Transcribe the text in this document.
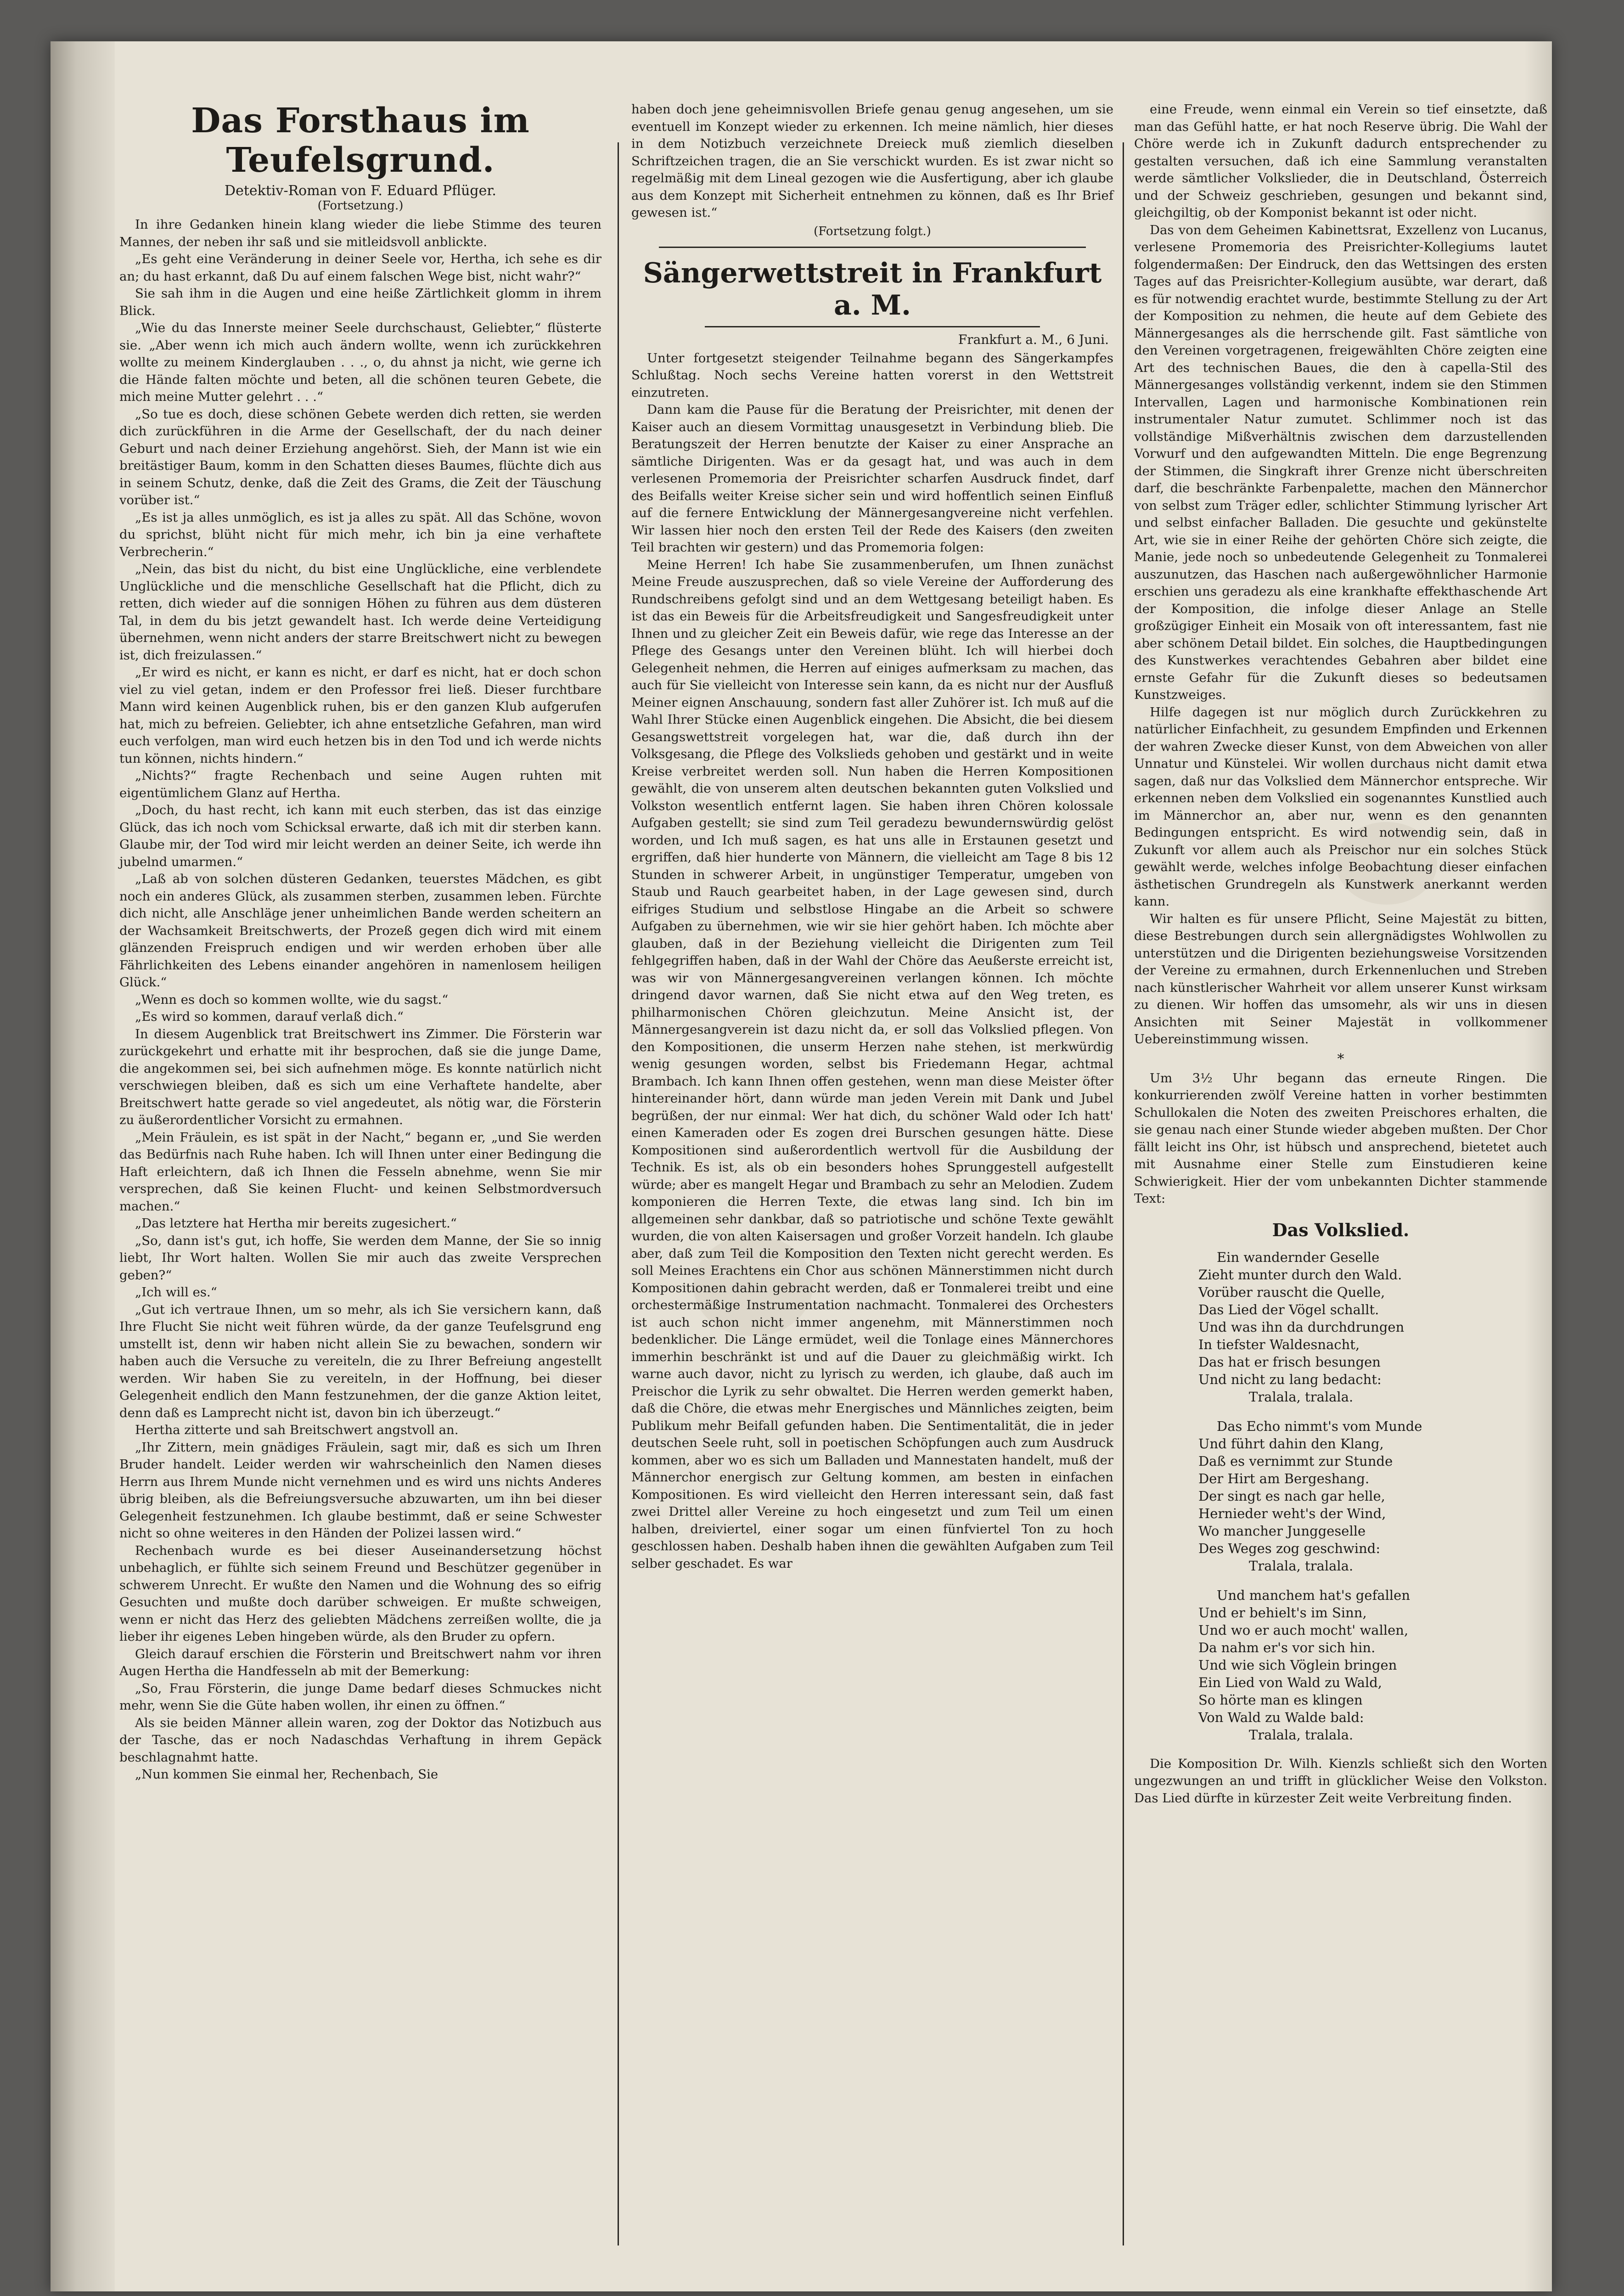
Das Forsthaus im Teufelsgrund.
Detektiv-Roman von F. Eduard Pflüger.
(Fortsetzung.)

In ihre Gedanken hinein klang wieder die liebe Stimme des teuren Mannes, der neben ihr saß und sie mitleidsvoll anblickte.

„Es geht eine Veränderung in deiner Seele vor, Hertha, ich sehe es dir an; du hast erkannt, daß Du auf einem falschen Wege bist, nicht wahr?“

Sie sah ihm in die Augen und eine heiße Zärtlichkeit glomm in ihrem Blick.

„Wie du das Innerste meiner Seele durchschaust, Geliebter,“ flüsterte sie. „Aber wenn ich mich auch ändern wollte, wenn ich zurückkehren wollte zu meinem Kinderglauben . . ., o, du ahnst ja nicht, wie gerne ich die Hände falten möchte und beten, all die schönen teuren Gebete, die mich meine Mutter gelehrt . . .“

„So tue es doch, diese schönen Gebete werden dich retten, sie werden dich zurückführen in die Arme der Gesellschaft, der du nach deiner Geburt und nach deiner Erziehung angehörst. Sieh, der Mann ist wie ein breitästiger Baum, komm in den Schatten dieses Baumes, flüchte dich aus in seinem Schutz, denke, daß die Zeit des Grams, die Zeit der Täuschung vorüber ist.“

„Es ist ja alles unmöglich, es ist ja alles zu spät. All das Schöne, wovon du sprichst, blüht nicht für mich mehr, ich bin ja eine verhaftete Verbrecherin.“

„Nein, das bist du nicht, du bist eine Unglückliche, eine verblendete Unglückliche und die menschliche Gesellschaft hat die Pflicht, dich zu retten, dich wieder auf die sonnigen Höhen zu führen aus dem düsteren Tal, in dem du bis jetzt gewandelt hast. Ich werde deine Verteidigung übernehmen, wenn nicht anders der starre Breitschwert nicht zu bewegen ist, dich freizulassen.“

„Er wird es nicht, er kann es nicht, er darf es nicht, hat er doch schon viel zu viel getan, indem er den Professor frei ließ. Dieser furchtbare Mann wird keinen Augenblick ruhen, bis er den ganzen Klub aufgerufen hat, mich zu befreien. Geliebter, ich ahne entsetzliche Gefahren, man wird euch verfolgen, man wird euch hetzen bis in den Tod und ich werde nichts tun können, nichts hindern.“

„Nichts?“ fragte Rechenbach und seine Augen ruhten mit eigentümlichem Glanz auf Hertha.

„Doch, du hast recht, ich kann mit euch sterben, das ist das einzige Glück, das ich noch vom Schicksal erwarte, daß ich mit dir sterben kann. Glaube mir, der Tod wird mir leicht werden an deiner Seite, ich werde ihn jubelnd umarmen.“

„Laß ab von solchen düsteren Gedanken, teuerstes Mädchen, es gibt noch ein anderes Glück, als zusammen sterben, zusammen leben. Fürchte dich nicht, alle Anschläge jener unheimlichen Bande werden scheitern an der Wachsamkeit Breitschwerts, der Prozeß gegen dich wird mit einem glänzenden Freispruch endigen und wir werden erhoben über alle Fährlichkeiten des Lebens einander angehören in namenlosem heiligen Glück.“

„Wenn es doch so kommen wollte, wie du sagst.“

„Es wird so kommen, darauf verlaß dich.“

In diesem Augenblick trat Breitschwert ins Zimmer. Die Försterin war zurückgekehrt und erhatte mit ihr besprochen, daß sie die junge Dame, die angekommen sei, bei sich aufnehmen möge. Es konnte natürlich nicht verschwiegen bleiben, daß es sich um eine Verhaftete handelte, aber Breitschwert hatte gerade so viel angedeutet, als nötig war, die Försterin zu äußerordentlicher Vorsicht zu ermahnen.

„Mein Fräulein, es ist spät in der Nacht,“ begann er, „und Sie werden das Bedürfnis nach Ruhe haben. Ich will Ihnen unter einer Bedingung die Haft erleichtern, daß ich Ihnen die Fesseln abnehme, wenn Sie mir versprechen, daß Sie keinen Flucht- und keinen Selbstmordversuch machen.“

„Das letztere hat Hertha mir bereits zugesichert.“

„So, dann ist's gut, ich hoffe, Sie werden dem Manne, der Sie so innig liebt, Ihr Wort halten. Wollen Sie mir auch das zweite Versprechen geben?“

„Ich will es.“

„Gut ich vertraue Ihnen, um so mehr, als ich Sie versichern kann, daß Ihre Flucht Sie nicht weit führen würde, da der ganze Teufelsgrund eng umstellt ist, denn wir haben nicht allein Sie zu bewachen, sondern wir haben auch die Versuche zu vereiteln, die zu Ihrer Befreiung angestellt werden. Wir haben Sie zu vereiteln, in der Hoffnung, bei dieser Gelegenheit endlich den Mann festzunehmen, der die ganze Aktion leitet, denn daß es Lamprecht nicht ist, davon bin ich überzeugt.“

Hertha zitterte und sah Breitschwert angstvoll an.

„Ihr Zittern, mein gnädiges Fräulein, sagt mir, daß es sich um Ihren Bruder handelt. Leider werden wir wahrscheinlich den Namen dieses Herrn aus Ihrem Munde nicht vernehmen und es wird uns nichts Anderes übrig bleiben, als die Befreiungsversuche abzuwarten, um ihn bei dieser Gelegenheit festzunehmen. Ich glaube bestimmt, daß er seine Schwester nicht so ohne weiteres in den Händen der Polizei lassen wird.“

Rechenbach wurde es bei dieser Auseinandersetzung höchst unbehaglich, er fühlte sich seinem Freund und Beschützer gegenüber in schwerem Unrecht. Er wußte den Namen und die Wohnung des so eifrig Gesuchten und mußte doch darüber schweigen. Er mußte schweigen, wenn er nicht das Herz des geliebten Mädchens zerreißen wollte, die ja lieber ihr eigenes Leben hingeben würde, als den Bruder zu opfern.

Gleich darauf erschien die Försterin und Breitschwert nahm vor ihren Augen Hertha die Handfesseln ab mit der Bemerkung:

„So, Frau Försterin, die junge Dame bedarf dieses Schmuckes nicht mehr, wenn Sie die Güte haben wollen, ihr einen zu öffnen.“

Als sie beiden Männer allein waren, zog der Doktor das Notizbuch aus der Tasche, das er noch Nadaschdas Verhaftung in ihrem Gepäck beschlagnahmt hatte.

„Nun kommen Sie einmal her, Rechenbach, Sie

haben doch jene geheimnisvollen Briefe genau genug angesehen, um sie eventuell im Konzept wieder zu erkennen. Ich meine nämlich, hier dieses in dem Notizbuch verzeichnete Dreieck muß ziemlich dieselben Schriftzeichen tragen, die an Sie verschickt wurden. Es ist zwar nicht so regelmäßig mit dem Lineal gezogen wie die Ausfertigung, aber ich glaube aus dem Konzept mit Sicherheit entnehmen zu können, daß es Ihr Brief gewesen ist.“

(Fortsetzung folgt.)
Sängerwettstreit in Frankfurt a. M.
Frankfurt a. M., 6 Juni.

Unter fortgesetzt steigender Teilnahme begann des Sängerkampfes Schlußtag. Noch sechs Vereine hatten vorerst in den Wettstreit einzutreten.

Dann kam die Pause für die Beratung der Preisrichter, mit denen der Kaiser auch an diesem Vormittag unausgesetzt in Verbindung blieb. Die Beratungszeit der Herren benutzte der Kaiser zu einer Ansprache an sämtliche Dirigenten. Was er da gesagt hat, und was auch in dem verlesenen Promemoria der Preisrichter scharfen Ausdruck findet, darf des Beifalls weiter Kreise sicher sein und wird hoffentlich seinen Einfluß auf die fernere Entwicklung der Männergesangvereine nicht verfehlen. Wir lassen hier noch den ersten Teil der Rede des Kaisers (den zweiten Teil brachten wir gestern) und das Promemoria folgen:

Meine Herren! Ich habe Sie zusammenberufen, um Ihnen zunächst Meine Freude auszusprechen, daß so viele Vereine der Aufforderung des Rundschreibens gefolgt sind und an dem Wettgesang beteiligt haben. Es ist das ein Beweis für die Arbeitsfreudigkeit und Sangesfreudigkeit unter Ihnen und zu gleicher Zeit ein Beweis dafür, wie rege das Interesse an der Pflege des Gesangs unter den Vereinen blüht. Ich will hierbei doch Gelegenheit nehmen, die Herren auf einiges aufmerksam zu machen, das auch für Sie vielleicht von Interesse sein kann, da es nicht nur der Ausfluß Meiner eignen Anschauung, sondern fast aller Zuhörer ist. Ich muß auf die Wahl Ihrer Stücke einen Augenblick eingehen. Die Absicht, die bei diesem Gesangswettstreit vorgelegen hat, war die, daß durch ihn der Volksgesang, die Pflege des Volkslieds gehoben und gestärkt und in weite Kreise verbreitet werden soll. Nun haben die Herren Kompositionen gewählt, die von unserem alten deutschen bekannten guten Volkslied und Volkston wesentlich entfernt lagen. Sie haben ihren Chören kolossale Aufgaben gestellt; sie sind zum Teil geradezu bewundernswürdig gelöst worden, und Ich muß sagen, es hat uns alle in Erstaunen gesetzt und ergriffen, daß hier hunderte von Männern, die vielleicht am Tage 8 bis 12 Stunden in schwerer Arbeit, in ungünstiger Temperatur, umgeben von Staub und Rauch gearbeitet haben, in der Lage gewesen sind, durch eifriges Studium und selbstlose Hingabe an die Arbeit so schwere Aufgaben zu übernehmen, wie wir sie hier gehört haben. Ich möchte aber glauben, daß in der Beziehung vielleicht die Dirigenten zum Teil fehlgegriffen haben, daß in der Wahl der Chöre das Aeußerste erreicht ist, was wir von Männergesangvereinen verlangen können. Ich möchte dringend davor warnen, daß Sie nicht etwa auf den Weg treten, es philharmonischen Chören gleichzutun. Meine Ansicht ist, der Männergesangverein ist dazu nicht da, er soll das Volkslied pflegen. Von den Kompositionen, die unserm Herzen nahe stehen, ist merkwürdig wenig gesungen worden, selbst bis Friedemann Hegar, achtmal Brambach. Ich kann Ihnen offen gestehen, wenn man diese Meister öfter hintereinander hört, dann würde man jeden Verein mit Dank und Jubel begrüßen, der nur einmal: Wer hat dich, du schöner Wald oder Ich hatt' einen Kameraden oder Es zogen drei Burschen gesungen hätte. Diese Kompositionen sind außerordentlich wertvoll für die Ausbildung der Technik. Es ist, als ob ein besonders hohes Sprunggestell aufgestellt würde; aber es mangelt Hegar und Brambach zu sehr an Melodien. Zudem komponieren die Herren Texte, die etwas lang sind. Ich bin im allgemeinen sehr dankbar, daß so patriotische und schöne Texte gewählt wurden, die von alten Kaisersagen und großer Vorzeit handeln. Ich glaube aber, daß zum Teil die Komposition den Texten nicht gerecht werden. Es soll Meines Erachtens ein Chor aus schönen Männerstimmen nicht durch Kompositionen dahin gebracht werden, daß er Tonmalerei treibt und eine orchestermäßige Instrumentation nachmacht. Tonmalerei des Orchesters ist auch schon nicht immer angenehm, mit Männerstimmen noch bedenklicher. Die Länge ermüdet, weil die Tonlage eines Männerchores immerhin beschränkt ist und auf die Dauer zu gleichmäßig wirkt. Ich warne auch davor, nicht zu lyrisch zu werden, ich glaube, daß auch im Preischor die Lyrik zu sehr obwaltet. Die Herren werden gemerkt haben, daß die Chöre, die etwas mehr Energisches und Männliches zeigten, beim Publikum mehr Beifall gefunden haben. Die Sentimentalität, die in jeder deutschen Seele ruht, soll in poetischen Schöpfungen auch zum Ausdruck kommen, aber wo es sich um Balladen und Mannestaten handelt, muß der Männerchor energisch zur Geltung kommen, am besten in einfachen Kompositionen. Es wird vielleicht den Herren interessant sein, daß fast zwei Drittel aller Vereine zu hoch eingesetzt und zum Teil um einen halben, dreiviertel, einer sogar um einen fünfviertel Ton zu hoch geschlossen haben. Deshalb haben ihnen die gewählten Aufgaben zum Teil selber geschadet. Es war

eine Freude, wenn einmal ein Verein so tief einsetzte, daß man das Gefühl hatte, er hat noch Reserve übrig. Die Wahl der Chöre werde ich in Zukunft dadurch entsprechender zu gestalten versuchen, daß ich eine Sammlung veranstalten werde sämtlicher Volkslieder, die in Deutschland, Österreich und der Schweiz geschrieben, gesungen und bekannt sind, gleichgiltig, ob der Komponist bekannt ist oder nicht.

Das von dem Geheimen Kabinettsrat, Exzellenz von Lucanus, verlesene Promemoria des Preisrichter-Kollegiums lautet folgendermaßen: Der Eindruck, den das Wettsingen des ersten Tages auf das Preisrichter-Kollegium ausübte, war derart, daß es für notwendig erachtet wurde, bestimmte Stellung zu der Art der Komposition zu nehmen, die heute auf dem Gebiete des Männergesanges als die herrschende gilt. Fast sämtliche von den Vereinen vorgetragenen, freigewählten Chöre zeigten eine Art des technischen Baues, die den à capella-Stil des Männergesanges vollständig verkennt, indem sie den Stimmen Intervallen, Lagen und harmonische Kombinationen rein instrumentaler Natur zumutet. Schlimmer noch ist das vollständige Mißverhältnis zwischen dem darzustellenden Vorwurf und den aufgewandten Mitteln. Die enge Begrenzung der Stimmen, die Singkraft ihrer Grenze nicht überschreiten darf, die beschränkte Farbenpalette, machen den Männerchor von selbst zum Träger edler, schlichter Stimmung lyrischer Art und selbst einfacher Balladen. Die gesuchte und gekünstelte Art, wie sie in einer Reihe der gehörten Chöre sich zeigte, die Manie, jede noch so unbedeutende Gelegenheit zu Tonmalerei auszunutzen, das Haschen nach außergewöhnlicher Harmonie erschien uns geradezu als eine krankhafte effekthaschende Art der Komposition, die infolge dieser Anlage an Stelle großzügiger Einheit ein Mosaik von oft interessantem, fast nie aber schönem Detail bildet. Ein solches, die Hauptbedingungen des Kunstwerkes verachtendes Gebahren aber bildet eine ernste Gefahr für die Zukunft dieses so bedeutsamen Kunstzweiges.

Hilfe dagegen ist nur möglich durch Zurückkehren zu natürlicher Einfachheit, zu gesundem Empfinden und Erkennen der wahren Zwecke dieser Kunst, von dem Abweichen von aller Unnatur und Künstelei. Wir wollen durchaus nicht damit etwa sagen, daß nur das Volkslied dem Männerchor entspreche. Wir erkennen neben dem Volkslied ein sogenanntes Kunstlied auch im Männerchor an, aber nur, wenn es den genannten Bedingungen entspricht. Es wird notwendig sein, daß in Zukunft vor allem auch als Preischor nur ein solches Stück gewählt werde, welches infolge Beobachtung dieser einfachen ästhetischen Grundregeln als Kunstwerk anerkannt werden kann.

Wir halten es für unsere Pflicht, Seine Majestät zu bitten, diese Bestrebungen durch sein allergnädigstes Wohlwollen zu unterstützen und die Dirigenten beziehungsweise Vorsitzenden der Vereine zu ermahnen, durch Erkennenluchen und Streben nach künstlerischer Wahrheit vor allem unserer Kunst wirksam zu dienen. Wir hoffen das umsomehr, als wir uns in diesen Ansichten mit Seiner Majestät in vollkommener Uebereinstimmung wissen.

*

Um 3½ Uhr begann das erneute Ringen. Die konkurrierenden zwölf Vereine hatten in vorher bestimmten Schullokalen die Noten des zweiten Preischores erhalten, die sie genau nach einer Stunde wieder abgeben mußten. Der Chor fällt leicht ins Ohr, ist hübsch und ansprechend, bietetet auch mit Ausnahme einer Stelle zum Einstudieren keine Schwierigkeit. Hier der vom unbekannten Dichter stammende Text:

Das Volkslied.
Ein wandernder Geselle
Zieht munter durch den Wald.
Vorüber rauscht die Quelle,
Das Lied der Vögel schallt.
Und was ihn da durchdrungen
In tiefster Waldesnacht,
Das hat er frisch besungen
Und nicht zu lang bedacht:
Tralala, tralala.
Das Echo nimmt's vom Munde
Und führt dahin den Klang,
Daß es vernimmt zur Stunde
Der Hirt am Bergeshang.
Der singt es nach gar helle,
Hernieder weht's der Wind,
Wo mancher Junggeselle
Des Weges zog geschwind:
Tralala, tralala.
Und manchem hat's gefallen
Und er behielt's im Sinn,
Und wo er auch mocht' wallen,
Da nahm er's vor sich hin.
Und wie sich Vöglein bringen
Ein Lied von Wald zu Wald,
So hörte man es klingen
Von Wald zu Walde bald:
Tralala, tralala.

Die Komposition Dr. Wilh. Kienzls schließt sich den Worten ungezwungen an und trifft in glücklicher Weise den Volkston. Das Lied dürfte in kürzester Zeit weite Verbreitung finden.
